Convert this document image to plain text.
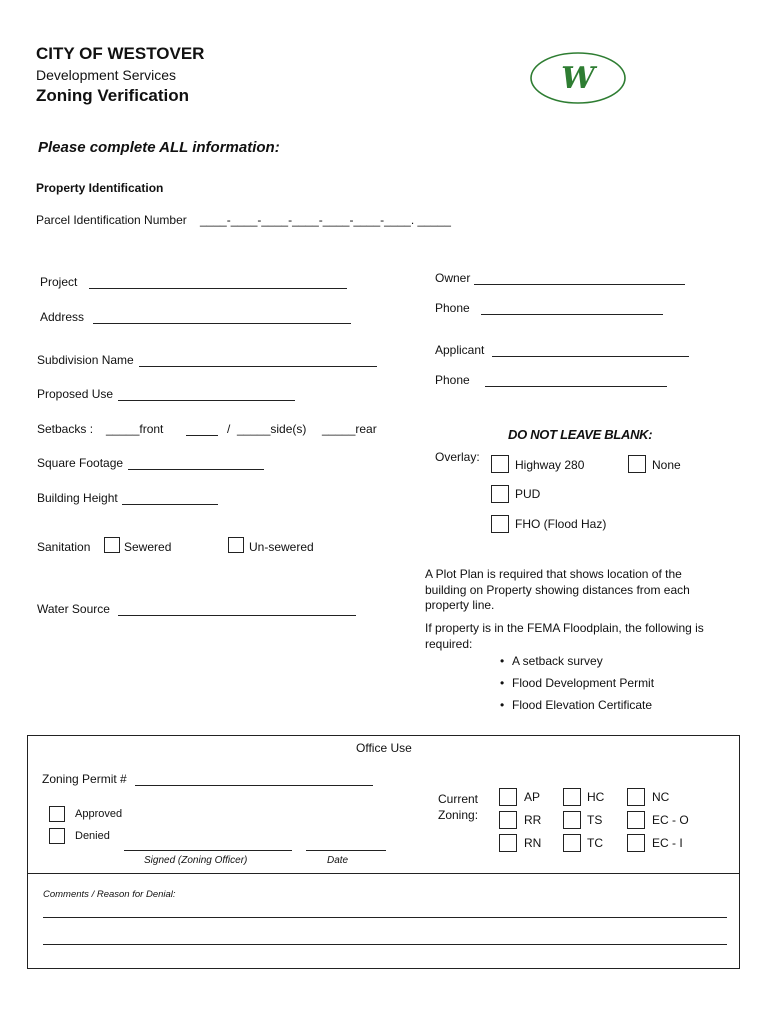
CITY OF WESTOVER
Development Services
Zoning Verification	W
Please complete ALL information:
Property Identification
Parcel Identification Number ____-____-____-____-____-____-____. _____
Project
Address
Subdivision Name
Proposed Use
Setbacks : _____front	/ _____side(s) _____rear
Square Footage
Building Height
Sanitation	Sewered	Un-sewered
Water Source
Owner
Phone
Applicant
Phone
DO NOT LEAVE BLANK:
Overlay:
Highway 280	None
PUD
FHO (Flood Haz)
A Plot Plan is required that shows location of the building on Property showing distances from each property line.
If property is in the FEMA Floodplain, the following is required:
• A setback survey
• Flood Development Permit
• Flood Elevation Certificate
Office Use
Zoning Permit #
Approved
Denied
Signed (Zoning Officer)	Date
Current
Zoning:
AP	HC	NC
RR	TS	EC - O
RN	TC	EC - I
Comments / Reason for Denial:
